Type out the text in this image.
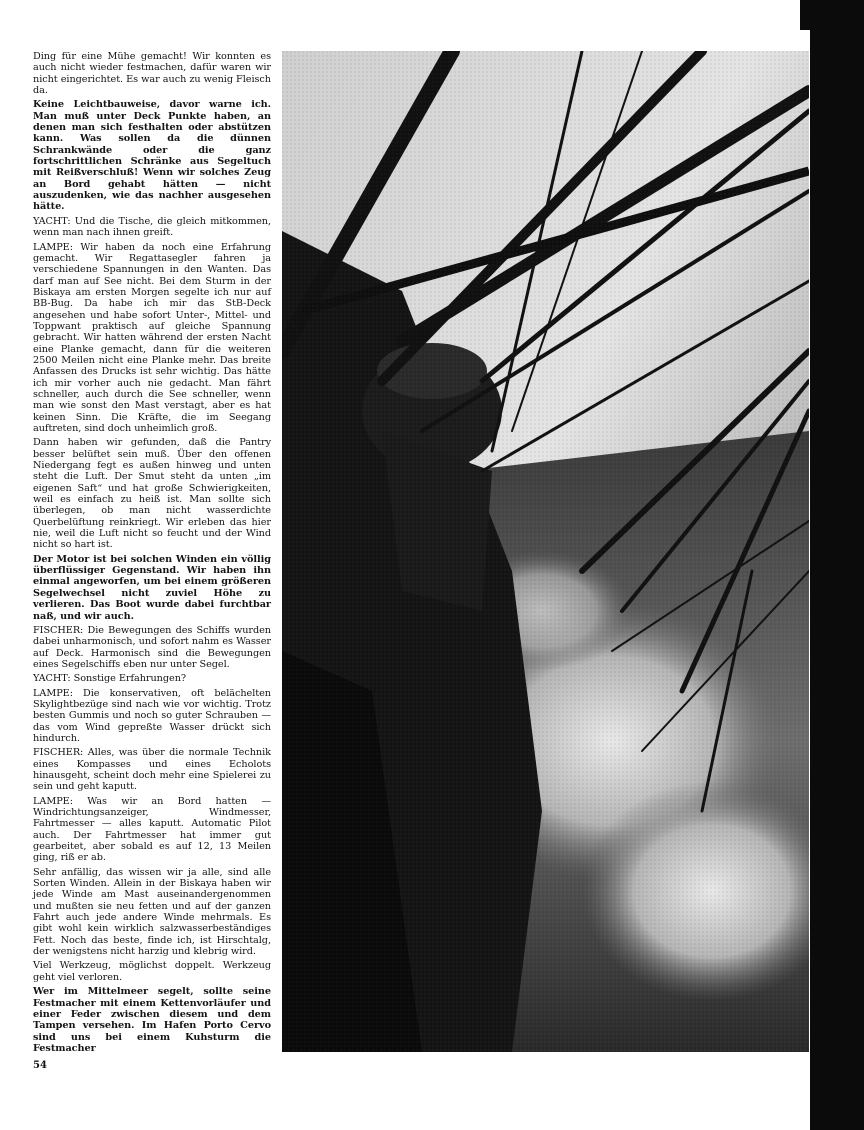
Ding für eine Mühe gemacht! Wir konnten es auch nicht wieder festmachen, dafür waren wir nicht eingerichtet. Es war auch zu wenig Fleisch da.

Keine Leichtbauweise, davor warne ich. Man muß unter Deck Punkte haben, an denen man sich festhalten oder abstützen kann. Was sollen da die dünnen Schrankwände oder die ganz fortschrittlichen Schränke aus Segeltuch mit Reißverschluß! Wenn wir solches Zeug an Bord gehabt hätten — nicht auszudenken, wie das nachher ausgesehen hätte.

YACHT: Und die Tische, die gleich mitkommen, wenn man nach ihnen greift.

LAMPE: Wir haben da noch eine Erfahrung gemacht. Wir Regattasegler fahren ja verschiedene Spannungen in den Wanten. Das darf man auf See nicht. Bei dem Sturm in der Biskaya am ersten Morgen segelte ich nur auf BB-Bug. Da habe ich mir das StB-Deck angesehen und habe sofort Unter-, Mittel- und Toppwant praktisch auf gleiche Spannung gebracht. Wir hatten während der ersten Nacht eine Planke gemacht, dann für die weiteren 2500 Meilen nicht eine Planke mehr. Das breite Anfassen des Drucks ist sehr wichtig. Das hätte ich mir vorher auch nie gedacht. Man fährt schneller, auch durch die See schneller, wenn man wie sonst den Mast verstagt, aber es hat keinen Sinn. Die Kräfte, die im Seegang auftreten, sind doch unheimlich groß.

Dann haben wir gefunden, daß die Pantry besser belüftet sein muß. Über den offenen Niedergang fegt es außen hinweg und unten steht die Luft. Der Smut steht da unten „im eigenen Saft“ und hat große Schwierigkeiten, weil es einfach zu heiß ist. Man sollte sich überlegen, ob man nicht wasserdichte Querbelüftung reinkriegt. Wir erleben das hier nie, weil die Luft nicht so feucht und der Wind nicht so hart ist.

Der Motor ist bei solchen Winden ein völlig überflüssiger Gegenstand. Wir haben ihn einmal angeworfen, um bei einem größeren Segelwechsel nicht zuviel Höhe zu verlieren. Das Boot wurde dabei furchtbar naß, und wir auch.

FISCHER: Die Bewegungen des Schiffs wurden dabei unharmonisch, und sofort nahm es Wasser auf Deck. Harmonisch sind die Bewegungen eines Segelschiffs eben nur unter Segel.

YACHT: Sonstige Erfahrungen?

LAMPE: Die konservativen, oft belächelten Skylightbezüge sind nach wie vor wichtig. Trotz besten Gummis und noch so guter Schrauben — das vom Wind gepreßte Wasser drückt sich hindurch.

FISCHER: Alles, was über die normale Technik eines Kompasses und eines Echolots hinausgeht, scheint doch mehr eine Spielerei zu sein und geht kaputt.

LAMPE: Was wir an Bord hatten — Windrichtungsanzeiger, Windmesser, Fahrtmesser — alles kaputt. Automatic Pilot auch. Der Fahrtmesser hat immer gut gearbeitet, aber sobald es auf 12, 13 Meilen ging, riß er ab.

Sehr anfällig, das wissen wir ja alle, sind alle Sorten Winden. Allein in der Biskaya haben wir jede Winde am Mast auseinandergenommen und mußten sie neu fetten und auf der ganzen Fahrt auch jede andere Winde mehrmals. Es gibt wohl kein wirklich salzwasserbeständiges Fett. Noch das beste, finde ich, ist Hirschtalg, der wenigstens nicht harzig und klebrig wird.

Viel Werkzeug, möglichst doppelt. Werkzeug geht viel verloren.

Wer im Mittelmeer segelt, sollte seine Festmacher mit einem Kettenvorläufer und einer Feder zwischen diesem und dem Tampen versehen. Im Hafen Porto Cervo sind uns bei einem Kuhsturm die Festmacher

54
